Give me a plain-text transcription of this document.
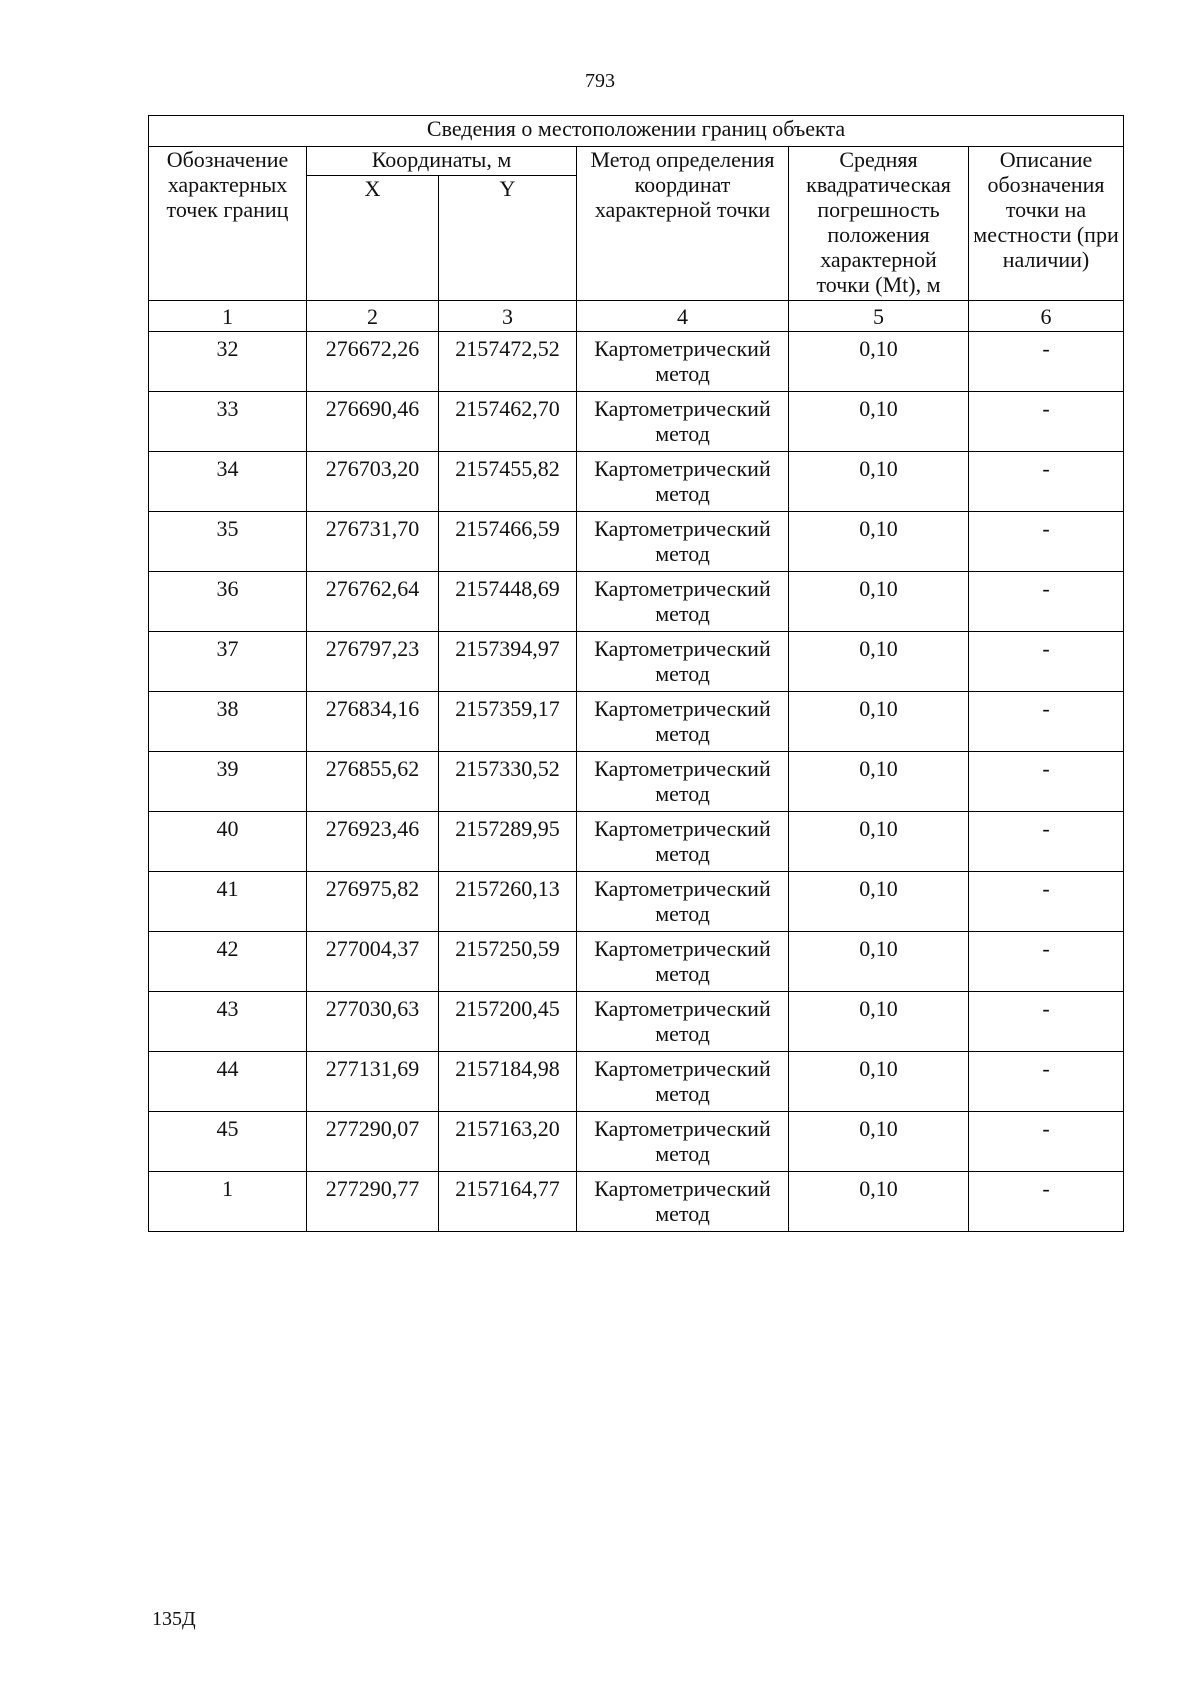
793
Сведения о местоположении границ объекта					
Обозначение характерных точек границ	Координаты, м		Метод определения координат характерной точки	Средняя квадратическая погрешность положения характерной точки (Mt), м	Описание обозначения точки на местности (при наличии)
	X	Y			
1	2	3	4	5	6
32	276672,26	2157472,52	Картометрический метод	0,10	-
33	276690,46	2157462,70	Картометрический метод	0,10	-
34	276703,20	2157455,82	Картометрический метод	0,10	-
35	276731,70	2157466,59	Картометрический метод	0,10	-
36	276762,64	2157448,69	Картометрический метод	0,10	-
37	276797,23	2157394,97	Картометрический метод	0,10	-
38	276834,16	2157359,17	Картометрический метод	0,10	-
39	276855,62	2157330,52	Картометрический метод	0,10	-
40	276923,46	2157289,95	Картометрический метод	0,10	-
41	276975,82	2157260,13	Картометрический метод	0,10	-
42	277004,37	2157250,59	Картометрический метод	0,10	-
43	277030,63	2157200,45	Картометрический метод	0,10	-
44	277131,69	2157184,98	Картометрический метод	0,10	-
45	277290,07	2157163,20	Картометрический метод	0,10	-
1	277290,77	2157164,77	Картометрический метод	0,10	-
135Д
